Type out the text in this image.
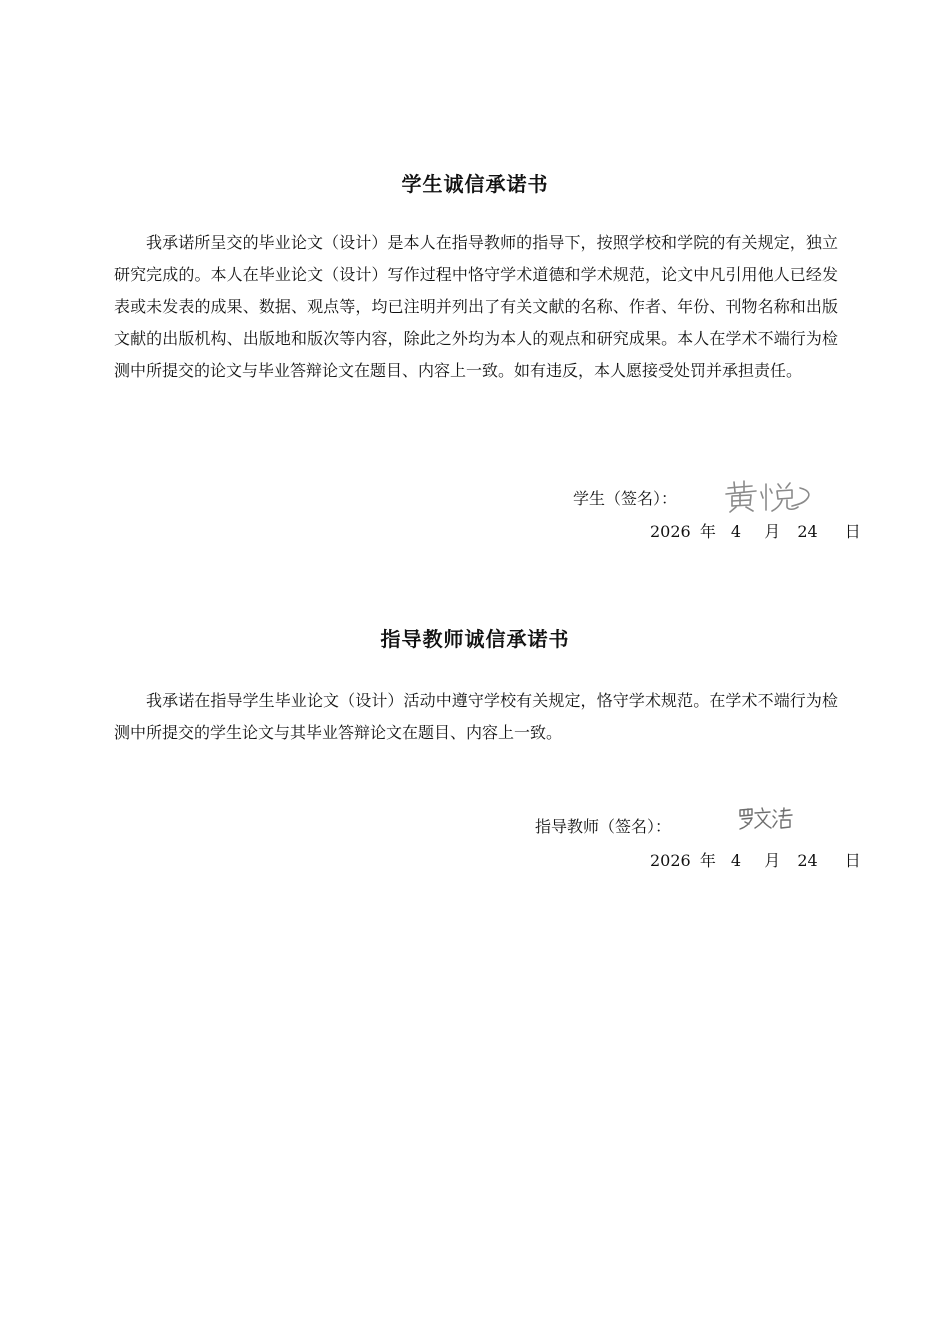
学生诚信承诺书

我承诺所呈交的毕业论文（设计）是本人在指导教师的指导下，按照学校和学院的有关规定，独立研究完成的。本人在毕业论文（设计）写作过程中恪守学术道德和学术规范，论文中凡引用他人已经发表或未发表的成果、数据、观点等，均已注明并列出了有关文献的名称、作者、年份、刊物名称和出版文献的出版机构、出版地和版次等内容，除此之外均为本人的观点和研究成果。本人在学术不端行为检测中所提交的论文与毕业答辩论文在题目、内容上一致。如有违反，本人愿接受处罚并承担责任。

学生（签名）：
2026 年 4 月 24 日
指导教师诚信承诺书

我承诺在指导学生毕业论文（设计）活动中遵守学校有关规定，恪守学术规范。在学术不端行为检测中所提交的学生论文与其毕业答辩论文在题目、内容上一致。

指导教师（签名）：
2026 年 4 月 24 日
